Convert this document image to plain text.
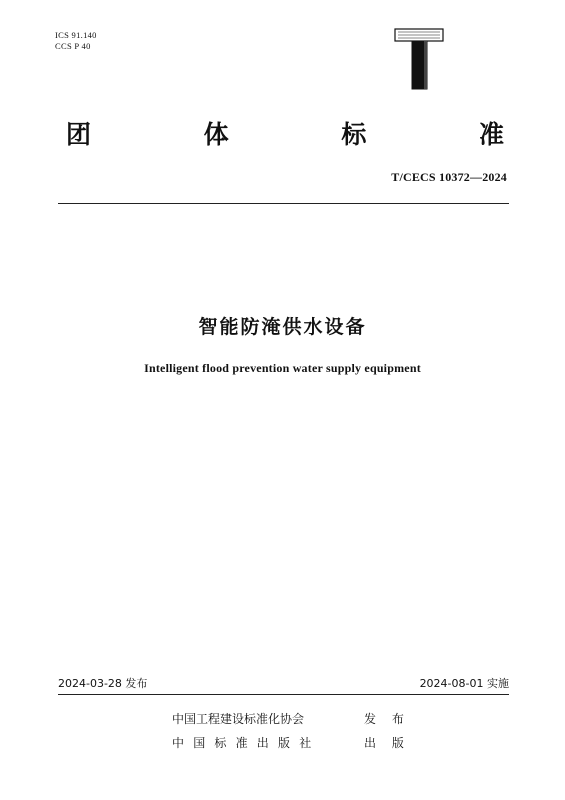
ICS 91.140
CCS P 40
团	体	标	准
T/CECS 10372—2024
智能防淹供水设备
Intelligent flood prevention water supply equipment
2024-03-28 发布	2024-08-01 实施
中国工程建设标准化协会	发 布
中国标准出版社	出 版
